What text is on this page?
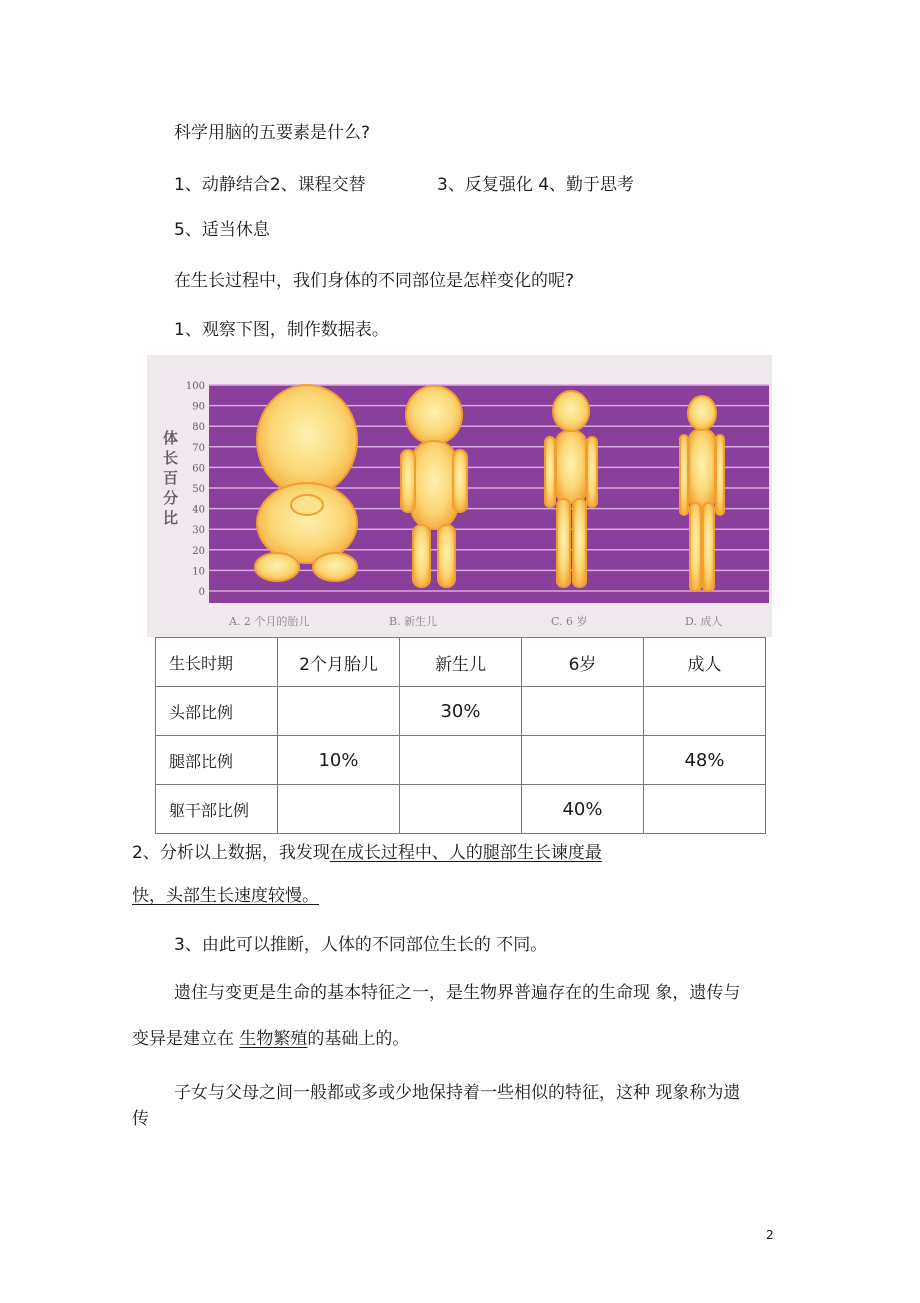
科学用脑的五要素是什么?
1、动静结合2、课程交替	3、反复强化 4、勤于思考
5、适当休息
在生长过程中，我们身体的不同部位是怎样变化的呢?
1、观察下图，制作数据表。
100
90
80
70
60
50
40
30
20
10
0
体
长
百
分
比
A. 2 个月的胎儿	B. 新生儿	C. 6 岁	D. 成人
生长时期	2个月胎儿	新生儿	6岁	成人
头部比例		30%		
腿部比例	10%			48%
躯干部比例			40%	
2、分析以上数据，我发现在成长过程中、人的腿部生长谏度最
快，头部生长速度较慢。
3、由此可以推断，人体的不同部位生长的 不同。
遗住与变更是生命的基本特征之一，是生物界普遍存在的生命现 象，遗传与
变异是建立在 生物繁殖的基础上的。
子女与父母之间一般都或多或少地保持着一些相似的特征，这种 现象称为遗
传
2
